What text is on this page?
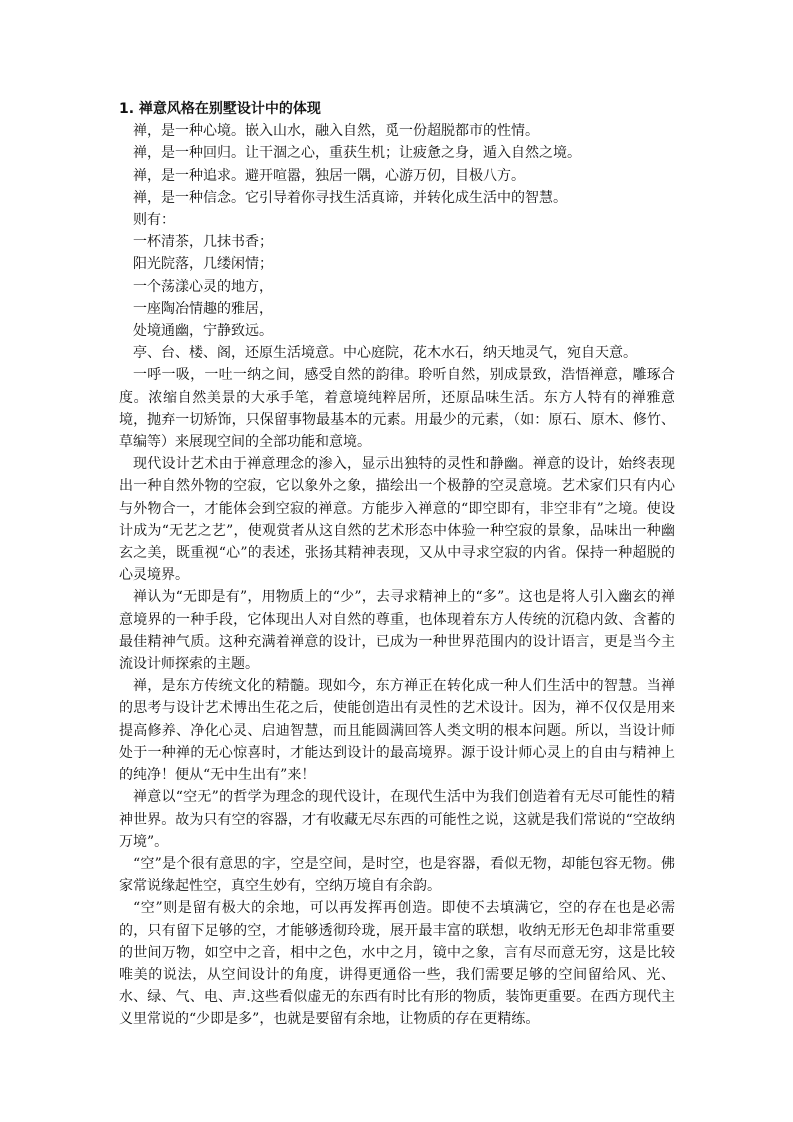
1. 禅意风格在别墅设计中的体现

禅，是一种心境。嵌入山水，融入自然，觅一份超脱都市的性情。

禅，是一种回归。让干涸之心，重获生机；让疲惫之身，遁入自然之境。

禅，是一种追求。避开喧嚣，独居一隅，心游万仞，目极八方。

禅，是一种信念。它引导着你寻找生活真谛，并转化成生活中的智慧。

则有：

一杯清茶，几抹书香；

阳光院落，几缕闲情；

一个荡漾心灵的地方，

一座陶冶情趣的雅居，

处境通幽，宁静致远。

亭、台、楼、阁，还原生活境意。中心庭院，花木水石，纳天地灵气，宛自天意。

一呼一吸，一吐一纳之间，感受自然的韵律。聆听自然，别成景致，浩悟禅意，雕琢合度。浓缩自然美景的大承手笔，着意境纯粹居所，还原品味生活。东方人特有的禅雅意境，抛弃一切矫饰，只保留事物最基本的元素。用最少的元素，（如：原石、原木、修竹、草编等）来展现空间的全部功能和意境。

现代设计艺术由于禅意理念的渗入，显示出独特的灵性和静幽。禅意的设计，始终表现出一种自然外物的空寂，它以象外之象，描绘出一个极静的空灵意境。艺术家们只有内心与外物合一，才能体会到空寂的禅意。方能步入禅意的“即空即有，非空非有”之境。使设计成为“无艺之艺”，使观赏者从这自然的艺术形态中体验一种空寂的景象，品味出一种幽玄之美，既重视“心”的表述，张扬其精神表现，又从中寻求空寂的内省。保持一种超脱的心灵境界。

禅认为“无即是有”，用物质上的“少”，去寻求精神上的“多”。这也是将人引入幽玄的禅意境界的一种手段，它体现出人对自然的尊重，也体现着东方人传统的沉稳内敛、含蓄的最佳精神气质。这种充满着禅意的设计，已成为一种世界范围内的设计语言，更是当今主流设计师探索的主题。

禅，是东方传统文化的精髓。现如今，东方禅正在转化成一种人们生活中的智慧。当禅的思考与设计艺术博出生花之后，使能创造出有灵性的艺术设计。因为，禅不仅仅是用来提高修养、净化心灵、启迪智慧，而且能圆满回答人类文明的根本问题。所以，当设计师处于一种禅的无心惊喜时，才能达到设计的最高境界。源于设计师心灵上的自由与精神上的纯净！便从“无中生出有”来！

禅意以“空无”的哲学为理念的现代设计，在现代生活中为我们创造着有无尽可能性的精神世界。故为只有空的容器，才有收藏无尽东西的可能性之说，这就是我们常说的“空故纳万境”。

“空”是个很有意思的字，空是空间，是时空，也是容器，看似无物，却能包容无物。佛家常说缘起性空，真空生妙有，空纳万境自有余韵。

“空”则是留有极大的余地，可以再发挥再创造。即使不去填满它，空的存在也是必需的，只有留下足够的空，才能够透彻玲珑，展开最丰富的联想，收纳无形无色却非常重要的世间万物，如空中之音，相中之色，水中之月，镜中之象，言有尽而意无穷，这是比较唯美的说法，从空间设计的角度，讲得更通俗一些，我们需要足够的空间留给风、光、水、绿、气、电、声.这些看似虚无的东西有时比有形的物质，装饰更重要。在西方现代主义里常说的“少即是多”，也就是要留有余地，让物质的存在更精练。
